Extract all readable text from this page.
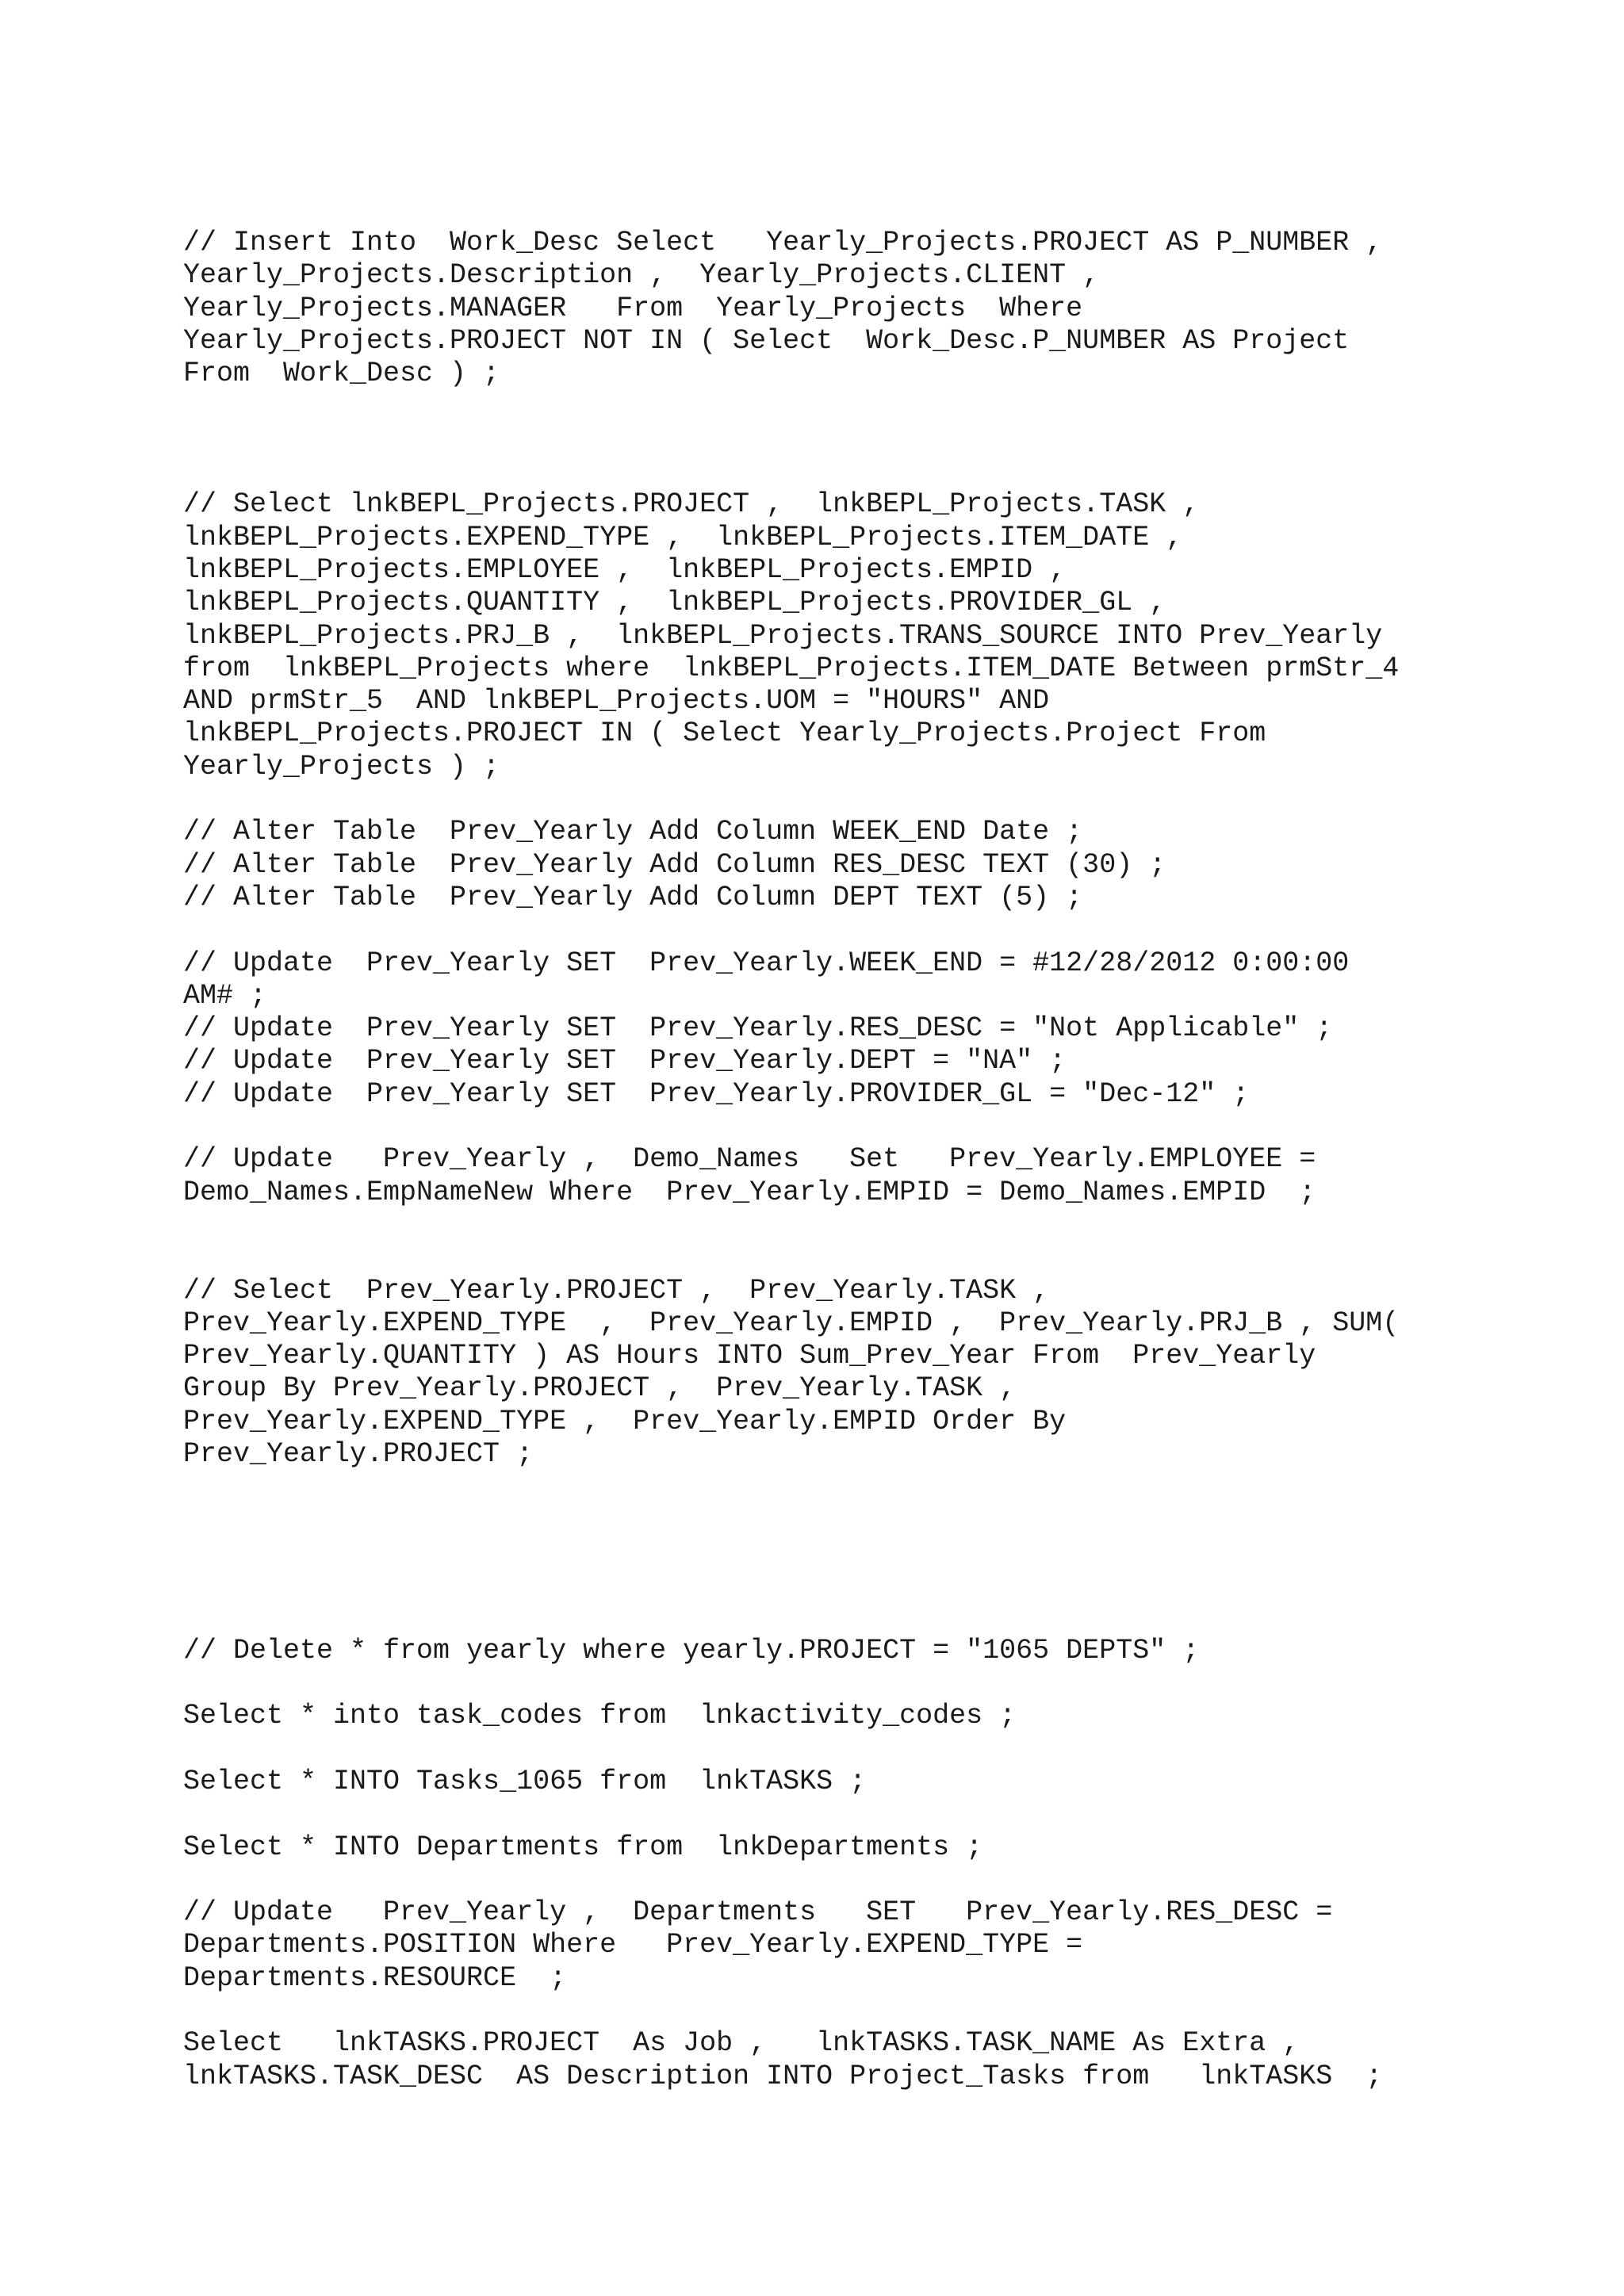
// Insert Into  Work_Desc Select   Yearly_Projects.PROJECT AS P_NUMBER ,
Yearly_Projects.Description ,  Yearly_Projects.CLIENT ,
Yearly_Projects.MANAGER   From  Yearly_Projects  Where
Yearly_Projects.PROJECT NOT IN ( Select  Work_Desc.P_NUMBER AS Project
From  Work_Desc ) ;
// Select lnkBEPL_Projects.PROJECT ,  lnkBEPL_Projects.TASK ,
lnkBEPL_Projects.EXPEND_TYPE ,  lnkBEPL_Projects.ITEM_DATE ,
lnkBEPL_Projects.EMPLOYEE ,  lnkBEPL_Projects.EMPID ,
lnkBEPL_Projects.QUANTITY ,  lnkBEPL_Projects.PROVIDER_GL ,
lnkBEPL_Projects.PRJ_B ,  lnkBEPL_Projects.TRANS_SOURCE INTO Prev_Yearly
from  lnkBEPL_Projects where  lnkBEPL_Projects.ITEM_DATE Between prmStr_4
AND prmStr_5  AND lnkBEPL_Projects.UOM = "HOURS" AND
lnkBEPL_Projects.PROJECT IN ( Select Yearly_Projects.Project From
Yearly_Projects ) ;
// Alter Table  Prev_Yearly Add Column WEEK_END Date ;
// Alter Table  Prev_Yearly Add Column RES_DESC TEXT (30) ;
// Alter Table  Prev_Yearly Add Column DEPT TEXT (5) ;
// Update  Prev_Yearly SET  Prev_Yearly.WEEK_END = #12/28/2012 0:00:00
AM# ;
// Update  Prev_Yearly SET  Prev_Yearly.RES_DESC = "Not Applicable" ;
// Update  Prev_Yearly SET  Prev_Yearly.DEPT = "NA" ;
// Update  Prev_Yearly SET  Prev_Yearly.PROVIDER_GL = "Dec-12" ;
// Update   Prev_Yearly ,  Demo_Names   Set   Prev_Yearly.EMPLOYEE =
Demo_Names.EmpNameNew Where  Prev_Yearly.EMPID = Demo_Names.EMPID  ;
// Select  Prev_Yearly.PROJECT ,  Prev_Yearly.TASK ,
Prev_Yearly.EXPEND_TYPE  ,  Prev_Yearly.EMPID ,  Prev_Yearly.PRJ_B , SUM(
Prev_Yearly.QUANTITY ) AS Hours INTO Sum_Prev_Year From  Prev_Yearly
Group By Prev_Yearly.PROJECT ,  Prev_Yearly.TASK ,
Prev_Yearly.EXPEND_TYPE ,  Prev_Yearly.EMPID Order By
Prev_Yearly.PROJECT ;
// Delete * from yearly where yearly.PROJECT = "1065 DEPTS" ;
Select * into task_codes from  lnkactivity_codes ;
Select * INTO Tasks_1065 from  lnkTASKS ;
Select * INTO Departments from  lnkDepartments ;
// Update   Prev_Yearly ,  Departments   SET   Prev_Yearly.RES_DESC =
Departments.POSITION Where   Prev_Yearly.EXPEND_TYPE =
Departments.RESOURCE  ;
Select   lnkTASKS.PROJECT  As Job ,   lnkTASKS.TASK_NAME As Extra ,
lnkTASKS.TASK_DESC  AS Description INTO Project_Tasks from   lnkTASKS  ;
